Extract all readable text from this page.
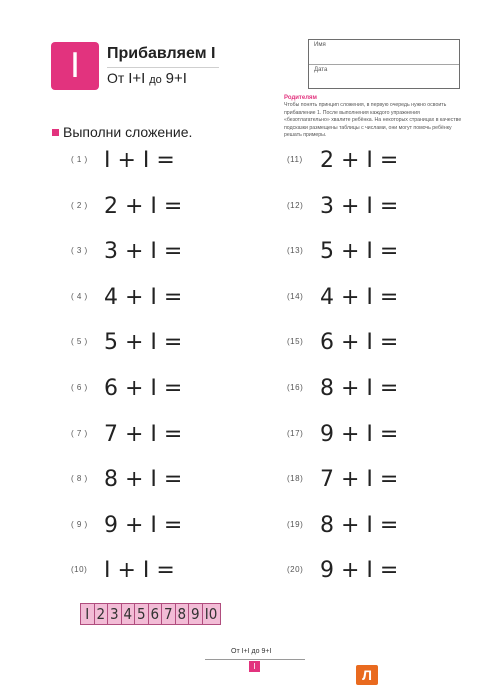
I	Прибавляем I
От I+I до 9+I
Имя
Дата
Родителям
Чтобы понять принцип сложения, в первую очередь нужно освоить прибавление 1. После выполнения каждого упражнения «безотлагательно» хвалите ребёнка. На некоторых страницах в качестве подсказки размещены таблицы с числами, они могут помочь ребёнку решать примеры.
Выполни сложение.
( 1 ) I + I =
( 2 ) 2 + I =
( 3 ) 3 + I =
( 4 ) 4 + I =
( 5 ) 5 + I =
( 6 ) 6 + I =
( 7 ) 7 + I =
( 8 ) 8 + I =
( 9 ) 9 + I =
(10) I + I =
(11) 2 + I =
(12) 3 + I =
(13) 5 + I =
(14) 4 + I =
(15) 6 + I =
(16) 8 + I =
(17) 9 + I =
(18) 7 + I =
(19) 8 + I =
(20) 9 + I =
I 2 3 4 5 6 7 8 9 I0
От I+I до 9+I
I
Л
